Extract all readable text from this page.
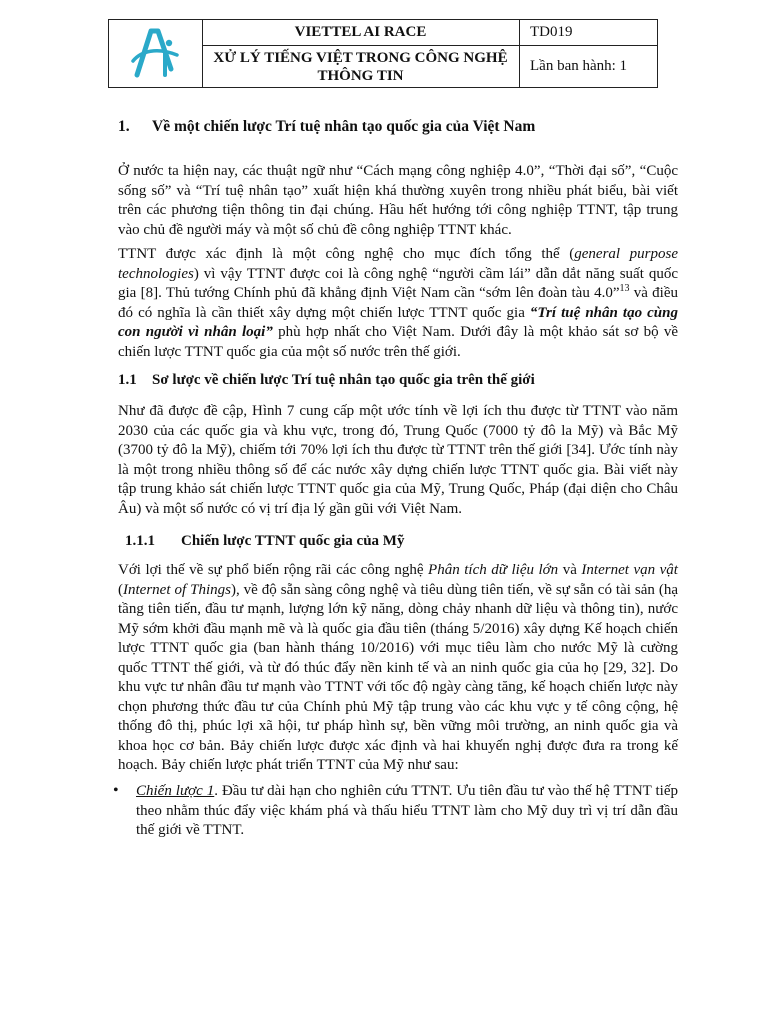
VIETTEL AI RACE
XỬ LÝ TIẾNG VIỆT TRONG CÔNG NGHỆ THÔNG TIN
TD019
Lần ban hành: 1
1. Về một chiến lược Trí tuệ nhân tạo quốc gia của Việt Nam
Ở nước ta hiện nay, các thuật ngữ như “Cách mạng công nghiệp 4.0”, “Thời đại số”, “Cuộc sống số” và “Trí tuệ nhân tạo” xuất hiện khá thường xuyên trong nhiều phát biểu, bài viết trên các phương tiện thông tin đại chúng. Hầu hết hướng tới công nghiệp TTNT, tập trung vào chủ đề người máy và một số chủ đề công nghiệp TTNT khác.
TTNT được xác định là một công nghệ cho mục đích tổng thể (general purpose technologies) vì vậy TTNT được coi là công nghệ “người cầm lái” dẫn dắt năng suất quốc gia [8]. Thủ tướng Chính phủ đã khẳng định Việt Nam cần “sớm lên đoàn tàu 4.0”$^{13}$ và điều đó có nghĩa là cần thiết xây dựng một chiến lược TTNT quốc gia “Trí tuệ nhân tạo cùng con người vì nhân loại” phù hợp nhất cho Việt Nam. Dưới đây là một khảo sát sơ bộ về chiến lược TTNT quốc gia của một số nước trên thế giới.
1.1 Sơ lược về chiến lược Trí tuệ nhân tạo quốc gia trên thế giới
Như đã được đề cập, Hình 7 cung cấp một ước tính về lợi ích thu được từ TTNT vào năm 2030 của các quốc gia và khu vực, trong đó, Trung Quốc (7000 tỷ đô la Mỹ) và Bắc Mỹ (3700 tỷ đô la Mỹ), chiếm tới 70% lợi ích thu được từ TTNT trên thế giới [34]. Ước tính này là một trong nhiều thông số để các nước xây dựng chiến lược TTNT quốc gia. Bài viết này tập trung khảo sát chiến lược TTNT quốc gia của Mỹ, Trung Quốc, Pháp (đại diện cho Châu Âu) và một số nước có vị trí địa lý gần gũi với Việt Nam.
1.1.1 Chiến lược TTNT quốc gia của Mỹ
Với lợi thế về sự phổ biến rộng rãi các công nghệ Phân tích dữ liệu lớn và Internet vạn vật (Internet of Things), về độ sẵn sàng công nghệ và tiêu dùng tiên tiến, về sự sẵn có tài sản (hạ tầng tiên tiến, đầu tư mạnh, lượng lớn kỹ năng, dòng chảy nhanh dữ liệu và thông tin), nước Mỹ sớm khởi đầu mạnh mẽ và là quốc gia đầu tiên (tháng 5/2016) xây dựng Kế hoạch chiến lược TTNT quốc gia (ban hành tháng 10/2016) với mục tiêu làm cho nước Mỹ là cường quốc TTNT thế giới, và từ đó thúc đẩy nền kinh tế và an ninh quốc gia của họ [29, 32]. Do khu vực tư nhân đầu tư mạnh vào TTNT với tốc độ ngày càng tăng, kế hoạch chiến lược này chọn phương thức đầu tư của Chính phủ Mỹ tập trung vào các khu vực y tế công cộng, hệ thống đô thị, phúc lợi xã hội, tư pháp hình sự, bền vững môi trường, an ninh quốc gia và khoa học cơ bản. Bảy chiến lược được xác định và hai khuyến nghị được đưa ra trong kế hoạch. Bảy chiến lược phát triển TTNT của Mỹ như sau:
• Chiến lược 1. Đầu tư dài hạn cho nghiên cứu TTNT. Ưu tiên đầu tư vào thế hệ TTNT tiếp theo nhằm thúc đẩy việc khám phá và thấu hiểu TTNT làm cho Mỹ duy trì vị trí dẫn đầu thế giới về TTNT.
